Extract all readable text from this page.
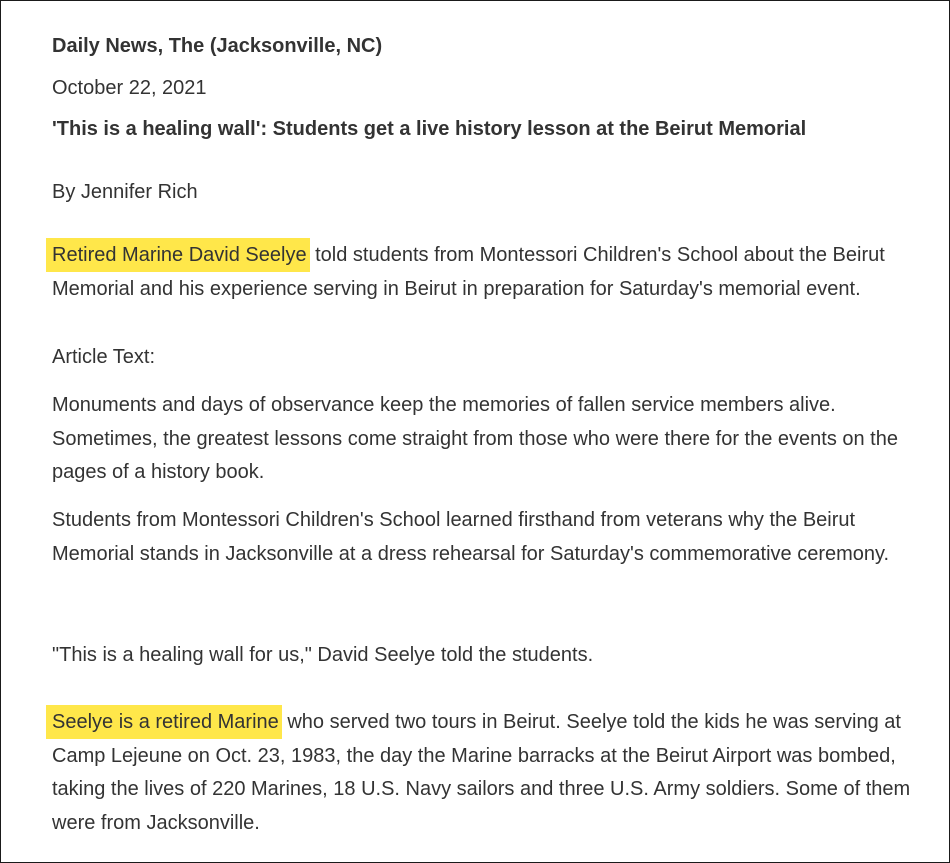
Daily News, The (Jacksonville, NC)
October 22, 2021
'This is a healing wall': Students get a live history lesson at the Beirut Memorial
By Jennifer Rich
Retired Marine David Seelye told students from Montessori Children's School about the Beirut Memorial and his experience serving in Beirut in preparation for Saturday's memorial event.
Article Text:
Monuments and days of observance keep the memories of fallen service members alive. Sometimes, the greatest lessons come straight from those who were there for the events on the pages of a history book.
Students from Montessori Children's School learned firsthand from veterans why the Beirut Memorial stands in Jacksonville at a dress rehearsal for Saturday's commemorative ceremony.
"This is a healing wall for us," David Seelye told the students.
Seelye is a retired Marine who served two tours in Beirut. Seelye told the kids he was serving at Camp Lejeune on Oct. 23, 1983, the day the Marine barracks at the Beirut Airport was bombed, taking the lives of 220 Marines, 18 U.S. Navy sailors and three U.S. Army soldiers. Some of them were from Jacksonville.
